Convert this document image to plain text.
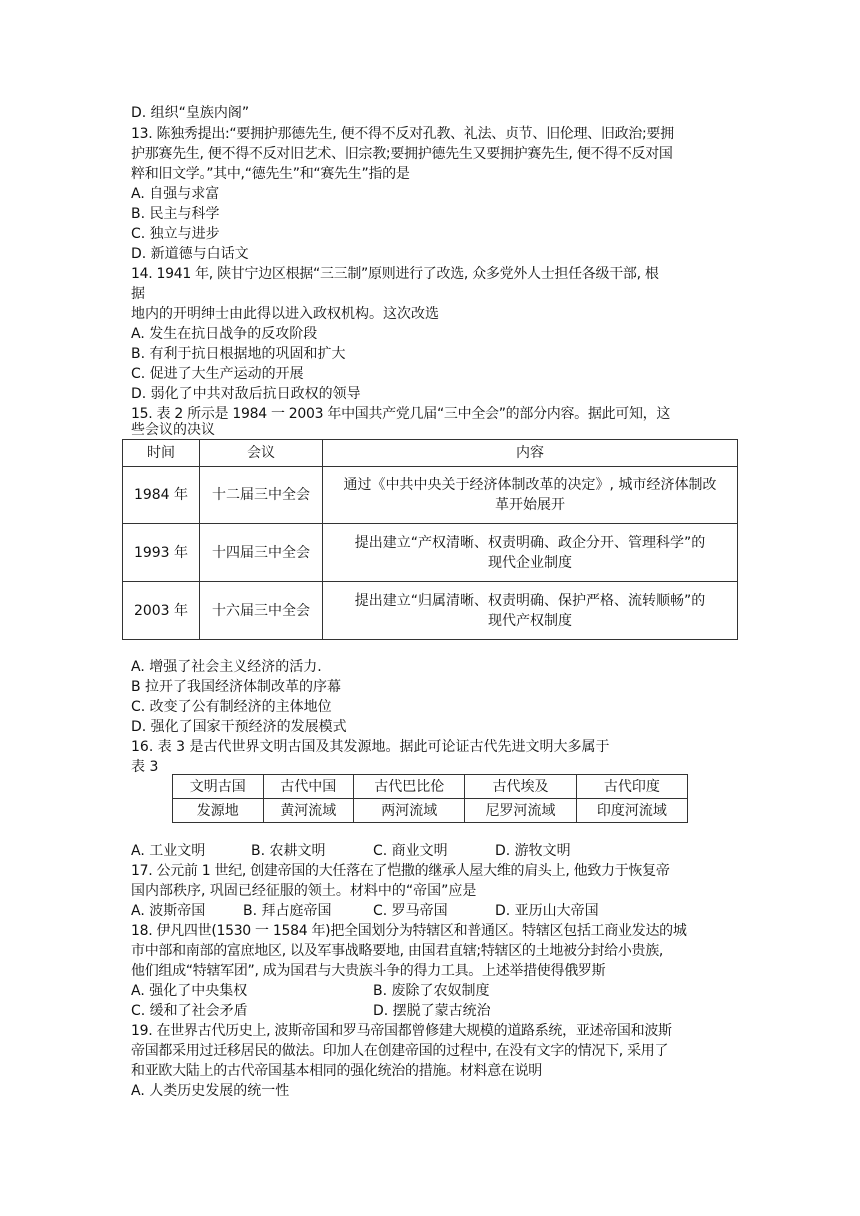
D. 组织“皇族内阁”
13. 陈独秀提出:“要拥护那德先生, 便不得不反对孔教、礼法、贞节、旧伦理、旧政治;要拥
护那赛先生, 便不得不反对旧艺术、旧宗教;要拥护德先生又要拥护赛先生, 便不得不反对国
粹和旧文学。”其中,“德先生”和“赛先生”指的是
A. 自强与求富
B. 民主与科学
C. 独立与进步
D. 新道德与白话文
14. 1941 年, 陕甘宁边区根据“三三制”原则进行了改选, 众多党外人士担任各级干部, 根
据
地内的开明绅士由此得以进入政权机构。这次改选
A. 发生在抗日战争的反攻阶段
B. 有利于抗日根据地的巩固和扩大
C. 促进了大生产运动的开展
D. 弱化了中共对敌后抗日政权的领导
15. 表 2 所示是 1984 一 2003 年中国共产党几届“三中全会”的部分内容。据此可知，这
些会议的决议
时间	会议	内容
1984 年	十二届三中全会	通过《中共中央关于经济体制改革的决定》, 城市经济体制改
革开始展开

1993 年	十四届三中全会	提出建立“产权清晰、权责明确、政企分开、管理科学”的
现代企业制度

2003 年	十六届三中全会	提出建立“归属清晰、权责明确、保护严格、流转顺畅”的
现代产权制度
A. 增强了社会主义经济的活力.
B 拉开了我国经济体制改革的序幕
C. 改变了公有制经济的主体地位
D. 强化了国家干预经济的发展模式
16. 表 3 是古代世界文明古国及其发源地。据此可论证古代先进文明大多属于
表 3
文明古国	古代中国	古代巴比伦	古代埃及	古代印度
发源地	黄河流域	两河流域	尼罗河流域	印度河流域
A. 工业文明	B. 农耕文明	C. 商业文明	D. 游牧文明
17. 公元前 1 世纪, 创建帝国的大任落在了恺撒的继承人屋大维的肩头上, 他致力于恢复帝
国内部秩序, 巩固已经征服的领土。材料中的“帝国”应是
A. 波斯帝国	B. 拜占庭帝国	C. 罗马帝国	D. 亚历山大帝国
18. 伊凡四世(1530 一 1584 年)把全国划分为特辖区和普通区。特辖区包括工商业发达的城
市中部和南部的富庶地区, 以及军事战略要地, 由国君直辖;特辖区的土地被分封给小贵族,
他们组成“特辖军团”, 成为国君与大贵族斗争的得力工具。上述举措使得俄罗斯
A. 强化了中央集权	B. 废除了农奴制度
C. 缓和了社会矛盾	D. 摆脱了蒙古统治
19. 在世界古代历史上, 波斯帝国和罗马帝国都曾修建大规模的道路系统，亚述帝国和波斯
帝国都采用过迁移居民的做法。印加人在创建帝国的过程中, 在没有文字的情况下, 采用了
和亚欧大陆上的古代帝国基本相同的强化统治的措施。材料意在说明
A. 人类历史发展的统一性
